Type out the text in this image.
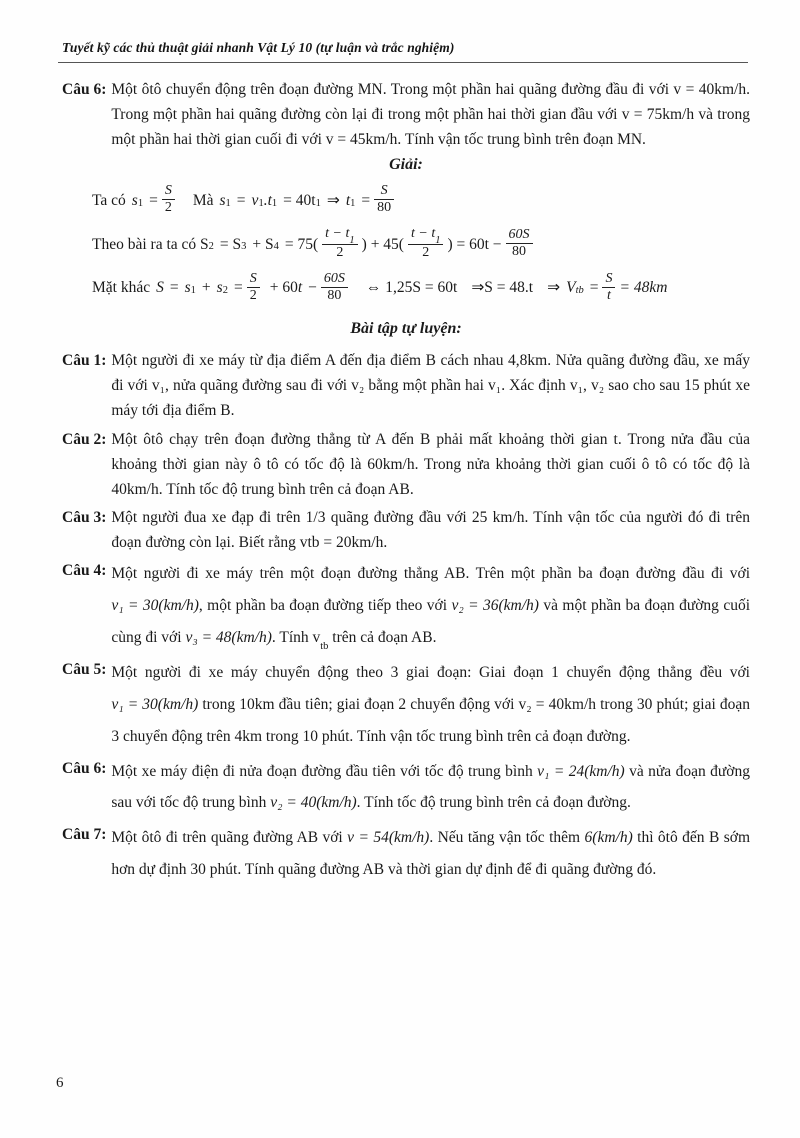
Tuyết kỹ các thủ thuật giải nhanh Vật Lý 10 (tự luận và trắc nghiệm)
Câu 6: Một ôtô chuyển động trên đoạn đường MN. Trong một phần hai quãng đường đầu đi với v = 40km/h. Trong một phần hai quãng đường còn lại đi trong một phần hai thời gian đầu với v = 75km/h và trong một phần hai thời gian cuối đi với v = 45km/h. Tính vận tốc trung bình trên đoạn MN.
Giải:
Ta có s $1 = \frac{S}{2}$ Mà s 1 = v 1 .t 1 = 40t 1 ⇒ t $1 = \frac{S}{80}$
Theo bài ra ta có S 2 = S 3 + S $4 = 75( \frac{t - t_1}{2}$ ) + $45( \frac{t - t_1}{2}$ ) = $60t - \frac{60S}{80}$
Mặt khác S = s 1 + s $2 = \frac{S}{2} + 60$ $t - \frac{60S}{80}$ ⇔ 1,25S = 60t ⇒S = 48.t ⇒ V tb = $\frac{S}{t} = 48km$
Bài tập tự luyện:
Câu 1: Một người đi xe máy từ địa điểm A đến địa điểm B cách nhau 4,8km. Nửa quãng đường đầu, xe mấy đi với v₁, nửa quãng đường sau đi với v₂ bằng một phần hai v₁. Xác định v₁, v₂ sao cho sau 15 phút xe máy tới địa điểm B.
Câu 2: Một ôtô chạy trên đoạn đường thẳng từ A đến B phải mất khoảng thời gian t. Trong nửa đầu của khoảng thời gian này ô tô có tốc độ là 60km/h. Trong nửa khoảng thời gian cuối ô tô có tốc độ là 40km/h. Tính tốc độ trung bình trên cả đoạn AB.
Câu 3: Một người đua xe đạp đi trên 1/3 quãng đường đầu với 25 km/h. Tính vận tốc của người đó đi trên đoạn đường còn lại. Biết rằng vtb = 20km/h.
Câu 4: Một người đi xe máy trên một đoạn đường thẳng AB. Trên một phần ba đoạn đường đầu đi với v₁ = 30(km/h), một phần ba đoạn đường tiếp theo với v₂ = 36(km/h) và một phần ba đoạn đường cuối cùng đi với v₃ = 48(km/h). Tính $v_{tb}$ trên cả đoạn AB.
Câu 5: Một người đi xe máy chuyển động theo 3 giai đoạn: Giai đoạn 1 chuyển động thẳng đều với v₁ = 30(km/h) trong 10km đầu tiên; giai đoạn 2 chuyển động với v₂ = 40km/h trong 30 phút; giai đoạn 3 chuyển động trên 4km trong 10 phút. Tính vận tốc trung bình trên cả đoạn đường.
Câu 6: Một xe máy điện đi nửa đoạn đường đầu tiên với tốc độ trung bình v₁ = 24(km/h) và nửa đoạn đường sau với tốc độ trung bình v₂ = 40(km/h). Tính tốc độ trung bình trên cả đoạn đường.
Câu 7: Một ôtô đi trên quãng đường AB với v = 54(km/h). Nếu tăng vận tốc thêm 6(km/h) thì ôtô đến B sớm hơn dự định 30 phút. Tính quãng đường AB và thời gian dự định để đi quãng đường đó.
6
